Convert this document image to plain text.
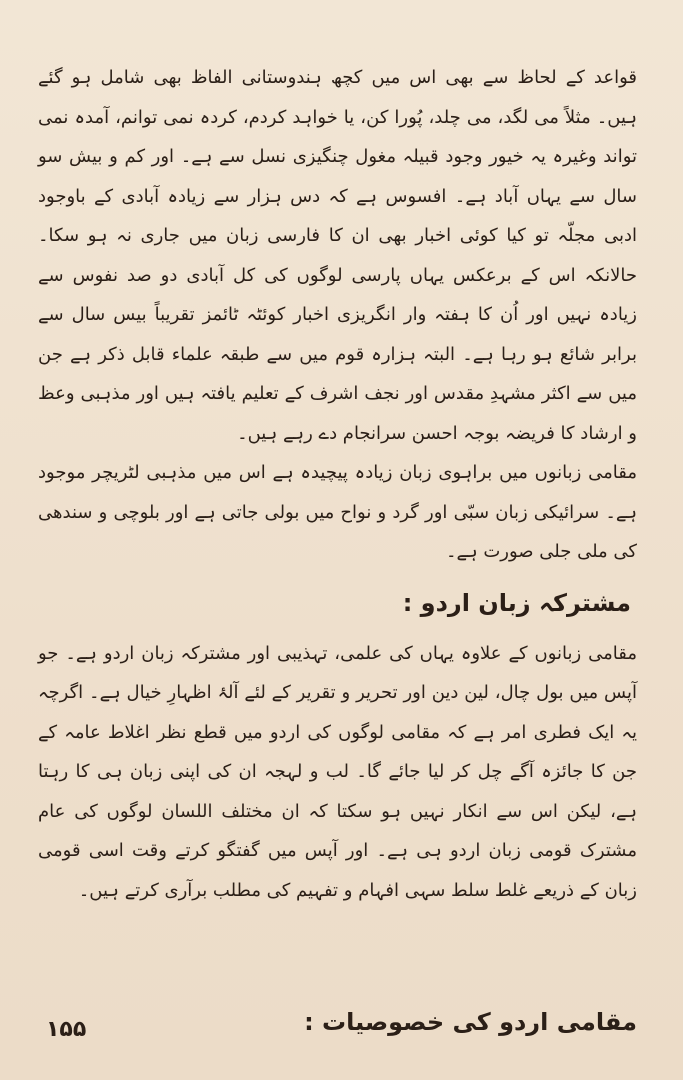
قواعد کے لحاظ سے بھی اس میں کچھ ہندوستانی الفاظ بھی شامل ہو گئے ہیں۔ مثلاً می لگد، می چلد، پُورا کن، یا خواہد کردم، کردہ نمی توانم، آمدہ نمی تواند وغیرہ یہ خیور وجود قبیلہ مغول چنگیزی نسل سے ہے۔ اور کم و بیش سو سال سے یہاں آباد ہے۔ افسوس ہے کہ دس ہزار سے زیادہ آبادی کے باوجود ادبی مجلّہ تو کیا کوئی اخبار بھی ان کا فارسی زبان میں جاری نہ ہو سکا۔ حالانکہ اس کے برعکس یہاں پارسی لوگوں کی کل آبادی دو صد نفوس سے زیادہ نہیں اور اُن کا ہفتہ وار انگریزی اخبار کوئٹہ ٹائمز تقریباً بیس سال سے برابر شائع ہو رہا ہے۔ البتہ ہزارہ قوم میں سے طبقہ علماء قابل ذکر ہے جن میں سے اکثر مشہدِ مقدس اور نجف اشرف کے تعلیم یافتہ ہیں اور مذہبی وعظ و ارشاد کا فریضہ بوجہ احسن سرانجام دے رہے ہیں۔

مقامی زبانوں میں براہوی زبان زیادہ پیچیدہ ہے اس میں مذہبی لٹریچر موجود ہے۔ سرائیکی زبان سبّی اور گرد و نواح میں بولی جاتی ہے اور بلوچی و سندھی کی ملی جلی صورت ہے۔

مشترکہ زبان اردو :

مقامی زبانوں کے علاوہ یہاں کی علمی، تہذیبی اور مشترکہ زبان اردو ہے۔ جو آپس میں بول چال، لین دین اور تحریر و تقریر کے لئے آلۂ اظہارِ خیال ہے۔ اگرچہ یہ ایک فطری امر ہے کہ مقامی لوگوں کی اردو میں قطع نظر اغلاط عامہ کے جن کا جائزہ آگے چل کر لیا جائے گا۔ لب و لہجہ ان کی اپنی زبان ہی کا رہتا ہے، لیکن اس سے انکار نہیں ہو سکتا کہ ان مختلف اللسان لوگوں کی عام مشترک قومی زبان اردو ہی ہے۔ اور آپس میں گفتگو کرتے وقت اسی قومی زبان کے ذریعے غلط سلط سہی افہام و تفہیم کی مطلب برآری کرتے ہیں۔

مقامی اردو کی خصوصیات :
۱۵۵
